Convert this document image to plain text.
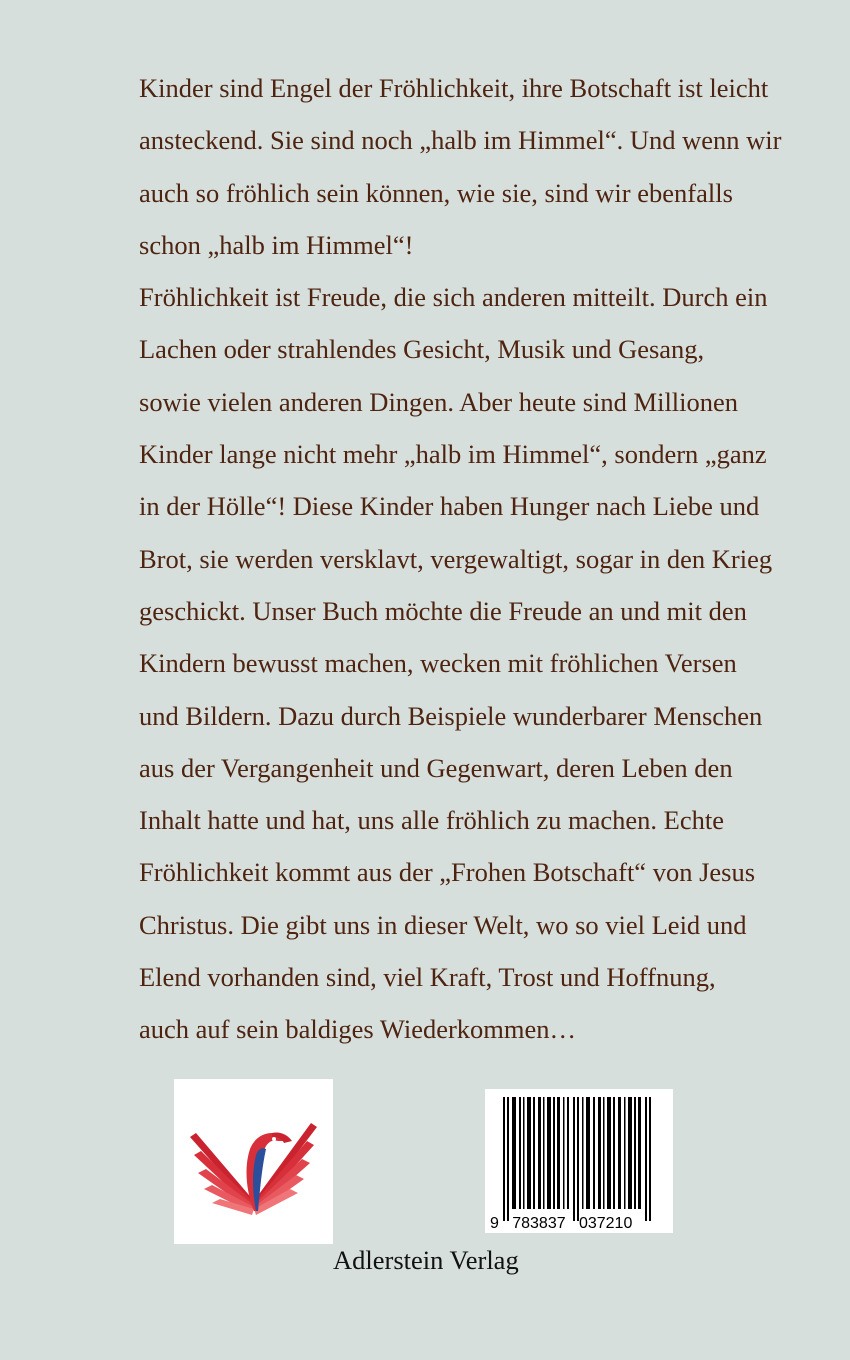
Kinder sind Engel der Fröhlichkeit, ihre Botschaft ist leicht
ansteckend. Sie sind noch „halb im Himmel“. Und wenn wir
auch so fröhlich sein können, wie sie, sind wir ebenfalls
schon „halb im Himmel“!
Fröhlichkeit ist Freude, die sich anderen mitteilt. Durch ein
Lachen oder strahlendes Gesicht, Musik und Gesang,
sowie vielen anderen Dingen. Aber heute sind Millionen
Kinder lange nicht mehr „halb im Himmel“, sondern „ganz
in der Hölle“! Diese Kinder haben Hunger nach Liebe und
Brot, sie werden versklavt, vergewaltigt, sogar in den Krieg
geschickt. Unser Buch möchte die Freude an und mit den
Kindern bewusst machen, wecken mit fröhlichen Versen
und Bildern. Dazu durch Beispiele wunderbarer Menschen
aus der Vergangenheit und Gegenwart, deren Leben den
Inhalt hatte und hat, uns alle fröhlich zu machen. Echte
Fröhlichkeit kommt aus der „Frohen Botschaft“ von Jesus
Christus. Die gibt uns in dieser Welt, wo so viel Leid und
Elend vorhanden sind, viel Kraft, Trost und Hoffnung,
auch auf sein baldiges Wiederkommen…
9   783837   037210
Adlerstein Verlag
